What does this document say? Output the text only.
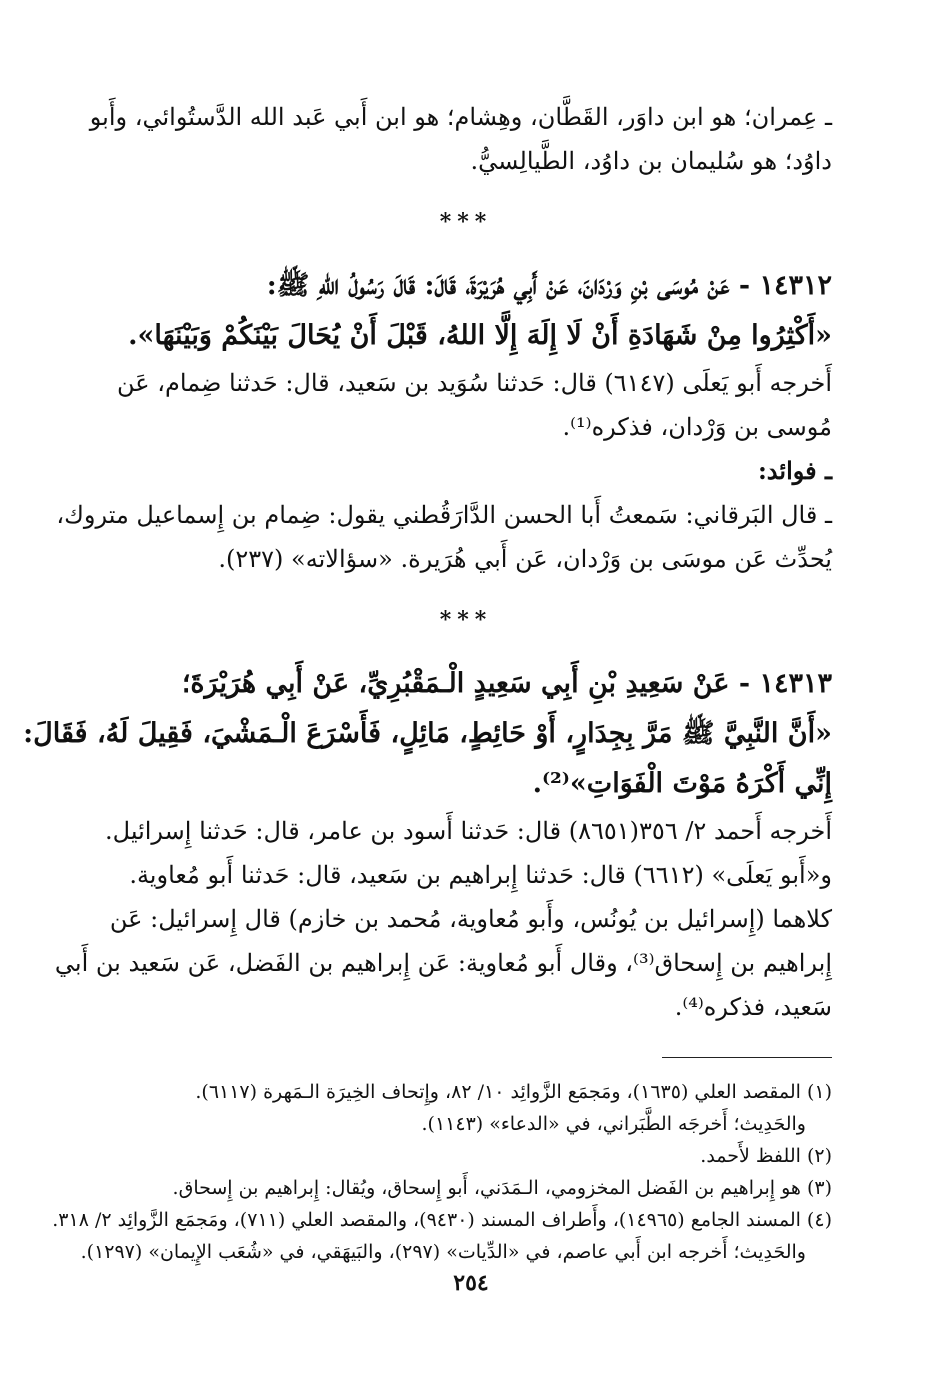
ـ عِمران؛ هو ابن داوَر، القَطَّان، وهِشام؛ هو ابن أَبي عَبد الله الدَّستُوائي، وأَبو

داوُد؛ هو سُليمان بن داوُد، الطَّيالِسيُّ.

***

١٤٣١٢ - عَنْ مُوسَى بْنِ وَرْدَانَ، عَنْ أَبِي هُرَيْرَةَ، قَالَ: قَالَ رَسُولُ اللهِ ﷺ:

«أَكْثِرُوا مِنْ شَهَادَةِ أَنْ لَا إِلَهَ إِلَّا اللهُ، قَبْلَ أَنْ يُحَالَ بَيْنَكُمْ وَبَيْنَهَا».

أَخرجه أَبو يَعلَى (٦١٤٧) قال: حَدثنا سُوَيد بن سَعيد، قال: حَدثنا ضِمام، عَن

مُوسى بن وَرْدان، فذكره⁽¹⁾.

ـ فوائد:

ـ قال البَرقاني: سَمعتُ أَبا الحسن الدَّارَقُطني يقول: ضِمام بن إِسماعيل متروك،

يُحدِّث عَن موسَى بن وَرْدان، عَن أَبي هُرَيرة. «سؤالاته» (٢٣٧).

***

١٤٣١٣ - عَنْ سَعِيدِ بْنِ أَبِي سَعِيدٍ الْـمَقْبُرِيِّ، عَنْ أَبِي هُرَيْرَةَ؛

«أَنَّ النَّبِيَّ ﷺ مَرَّ بِجِدَارٍ، أَوْ حَائِطٍ، مَائِلٍ، فَأَسْرَعَ الْـمَشْيَ، فَقِيلَ لَهُ، فَقَالَ:

إِنِّي أَكْرَهُ مَوْتَ الْفَوَاتِ»⁽²⁾.

أَخرجه أَحمد ٢/ ٣٥٦(٨٦٥١) قال: حَدثنا أَسود بن عامر، قال: حَدثنا إِسرائيل.

و«أَبو يَعلَى» (٦٦١٢) قال: حَدثنا إِبراهيم بن سَعيد، قال: حَدثنا أَبو مُعاوية.

كلاهما (إِسرائيل بن يُونُس، وأَبو مُعاوية، مُحمد بن خازم) قال إِسرائيل: عَن

إِبراهيم بن إِسحاق⁽³⁾، وقال أَبو مُعاوية: عَن إِبراهيم بن الفَضل، عَن سَعيد بن أَبي

سَعيد، فذكره⁽⁴⁾.

(١) المقصد العلي (١٦٣٥)، ومَجمَع الزَّوائِد ١٠/ ٨٢، وإِتحاف الخِيرَة الـمَهرة (٦١١٧).

والحَدِيث؛ أَخرجَه الطَّبَراني، في «الدعاء» (١١٤٣).

(٢) اللفظ لأَحمد.

(٣) هو إِبراهيم بن الفَضل المخزومي، الـمَدَني، أَبو إِسحاق، ويُقال: إِبراهيم بن إِسحاق.

(٤) المسند الجامع (١٤٩٦٥)، وأَطراف المسند (٩٤٣٠)، والمقصد العلي (٧١١)، ومَجمَع الزَّوائِد ٢/ ٣١٨.

والحَدِيث؛ أَخرجه ابن أَبي عاصم، في «الدِّيات» (٢٩٧)، والبَيهَقي، في «شُعَب الإِيمان» (١٢٩٧).

٢٥٤
